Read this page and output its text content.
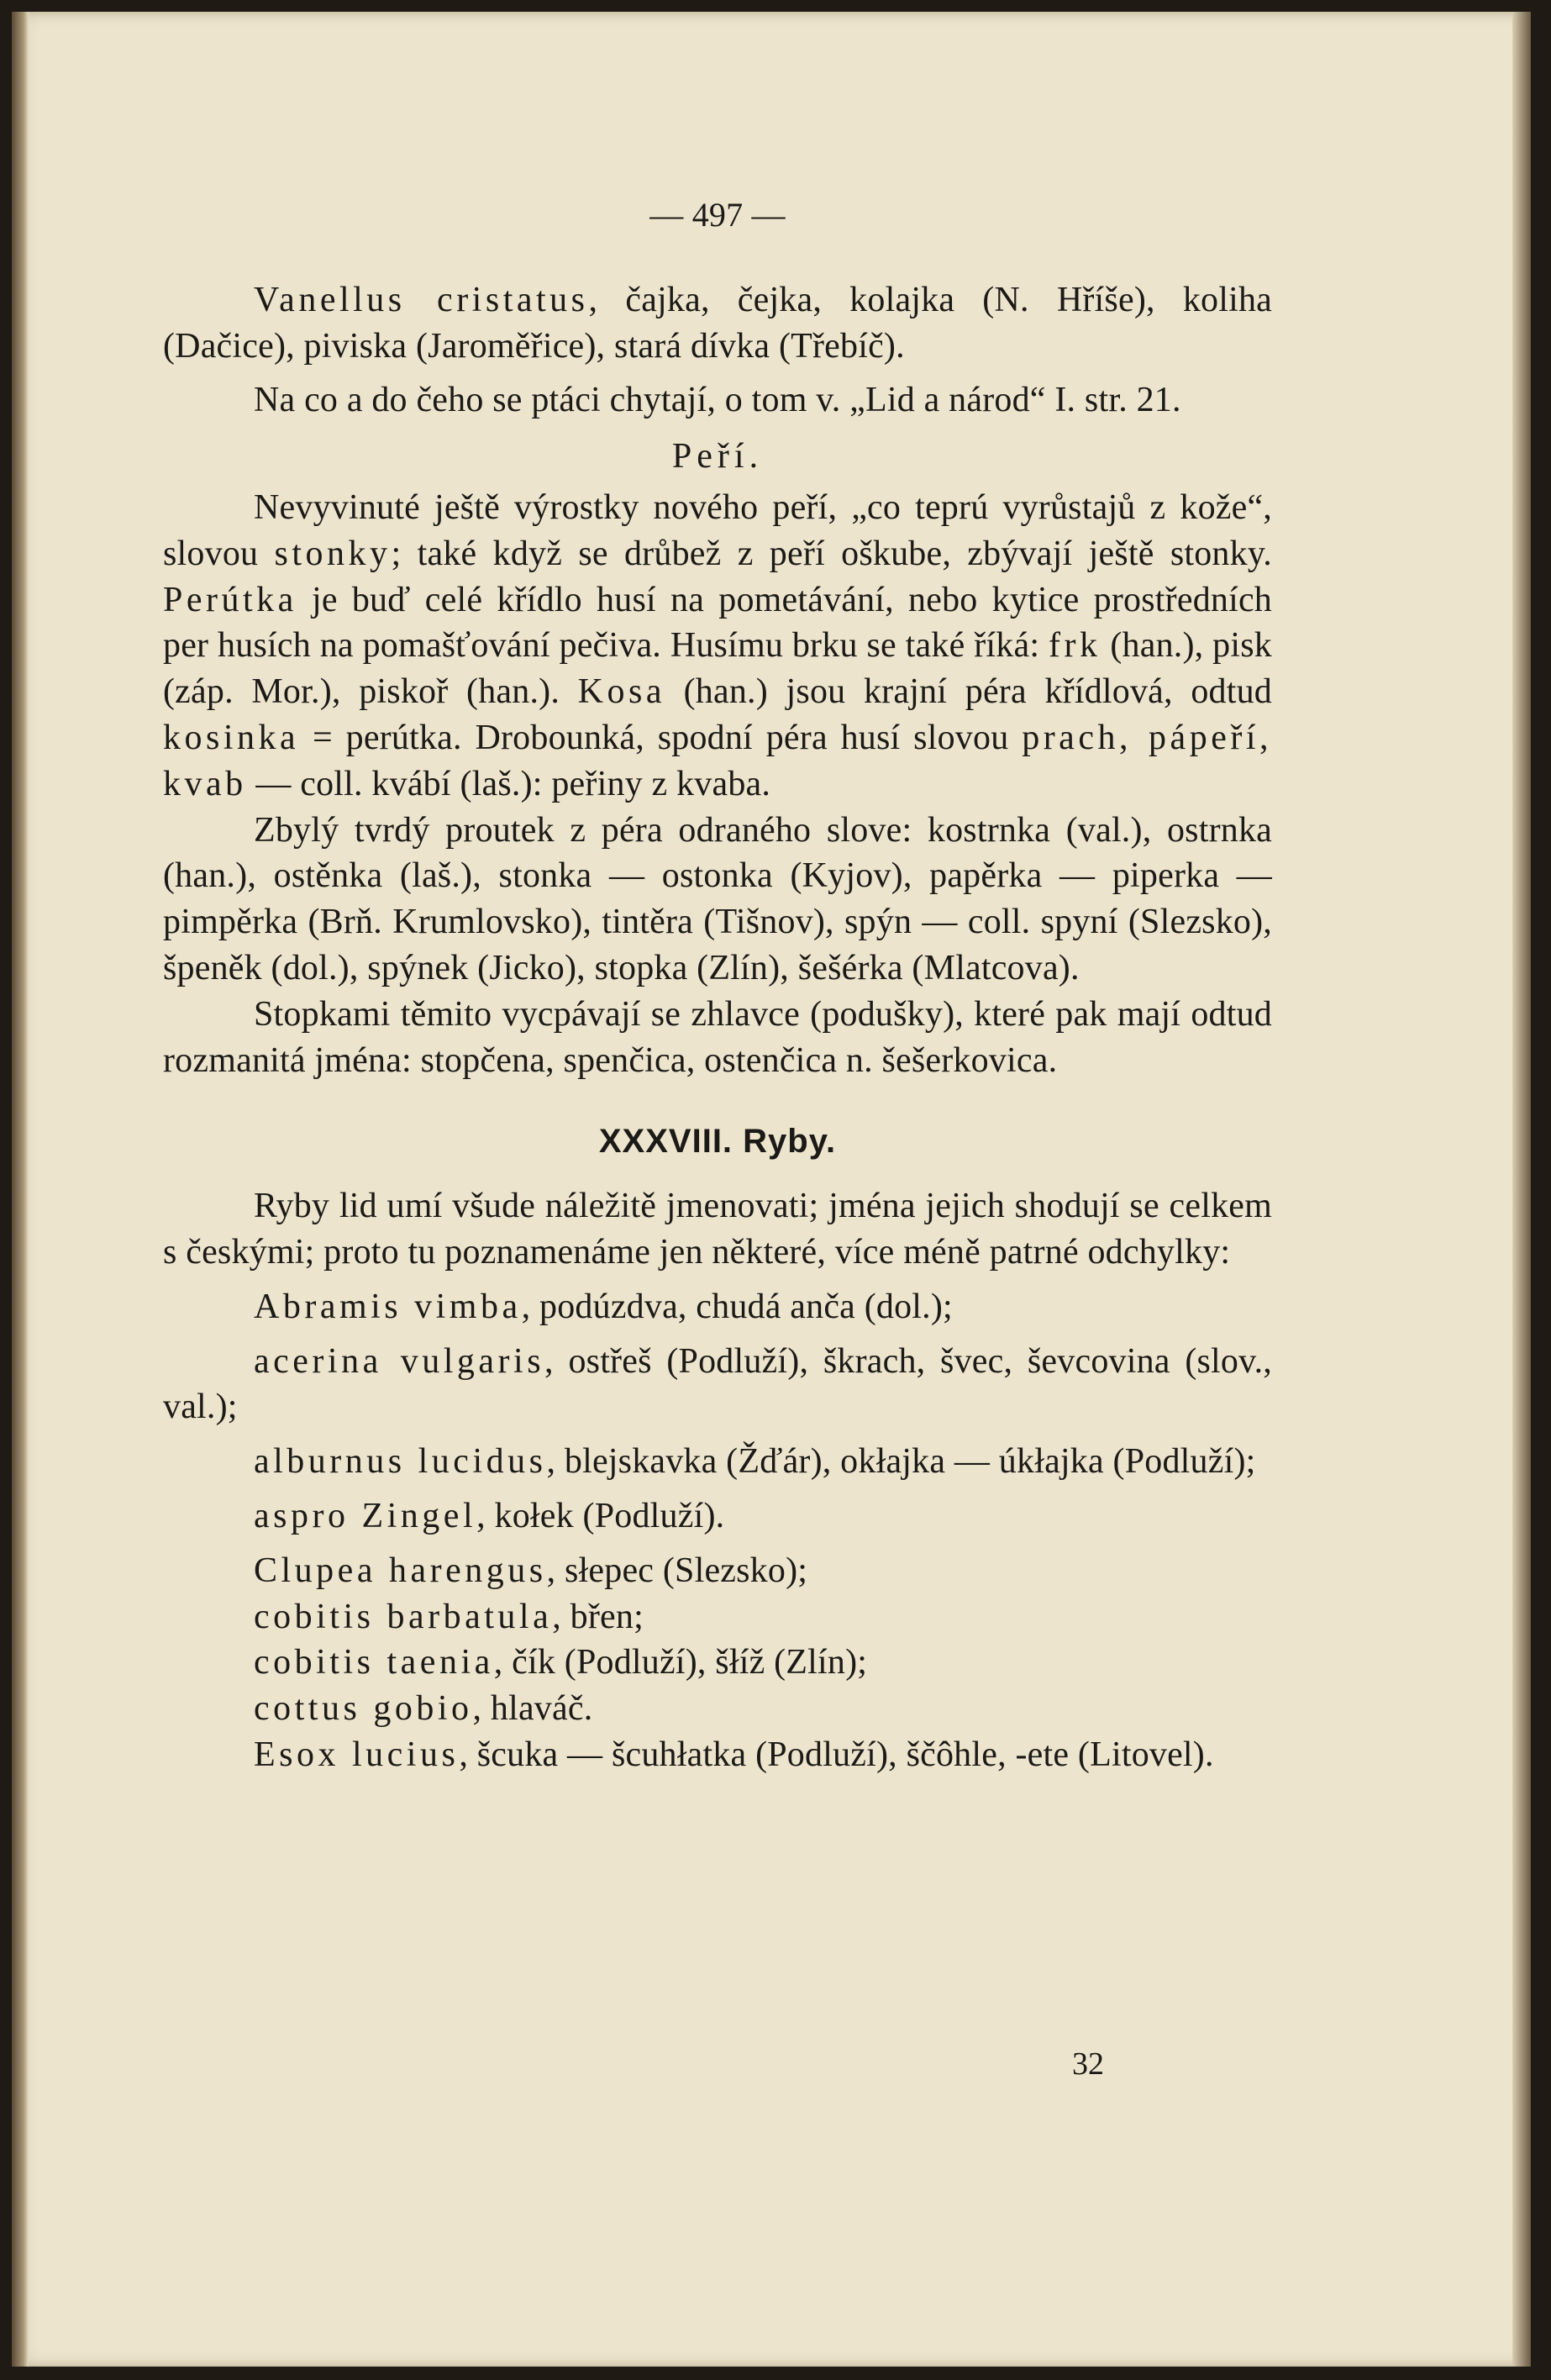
— 497 —

Vanellus cristatus, čajka, čejka, kolajka (N. Hříše), koliha (Dačice), piviska (Jaroměřice), stará dívka (Třebíč).

Na co a do čeho se ptáci chytají, o tom v. „Lid a národ“ I. str. 21.

Peří.

Nevyvinuté ještě výrostky nového peří, „co teprú vyrůstajů z kože“, slovou stonky; také když se drůbež z peří oškube, zbývají ještě stonky. Perútka je buď celé křídlo husí na pometávání, nebo kytice prostředních per husích na pomašťování pečiva. Husímu brku se také říká: frk (han.), pisk (záp. Mor.), piskoř (han.). Kosa (han.) jsou krajní péra křídlová, odtud kosinka = perútka. Drobounká, spodní péra husí slovou prach, pápeří, kvab — coll. kvábí (laš.): peřiny z kvaba.

Zbylý tvrdý proutek z péra odraného slove: kostrnka (val.), ostrnka (han.), ostěnka (laš.), stonka — ostonka (Kyjov), papěrka — piperka — pimpěrka (Brň. Krumlovsko), tintěra (Tišnov), spýn — coll. spyní (Slezsko), špeněk (dol.), spýnek (Jicko), stopka (Zlín), šešérka (Mlatcova).

Stopkami těmito vycpávají se zhlavce (podušky), které pak mají odtud rozmanitá jména: stopčena, spenčica, ostenčica n. šešerkovica.

XXXVIII. Ryby.

Ryby lid umí všude náležitě jmenovati; jména jejich shodují se celkem s českými; proto tu poznamenáme jen některé, více méně patrné odchylky:

Abramis vimba, podúzdva, chudá anča (dol.);

acerina vulgaris, ostřeš (Podluží), škrach, švec, ševcovina (slov., val.);

alburnus lucidus, blejskavka (Žďár), okłajka — úkłajka (Podluží);

aspro Zingel, kołek (Podluží).

Clupea harengus, słepec (Slezsko);

cobitis barbatula, břen;

cobitis taenia, čík (Podluží), šłíž (Zlín);

cottus gobio, hlaváč.

Esox lucius, šcuka — šcuhłatka (Podluží), ščôhle, -ete (Litovel).

32
